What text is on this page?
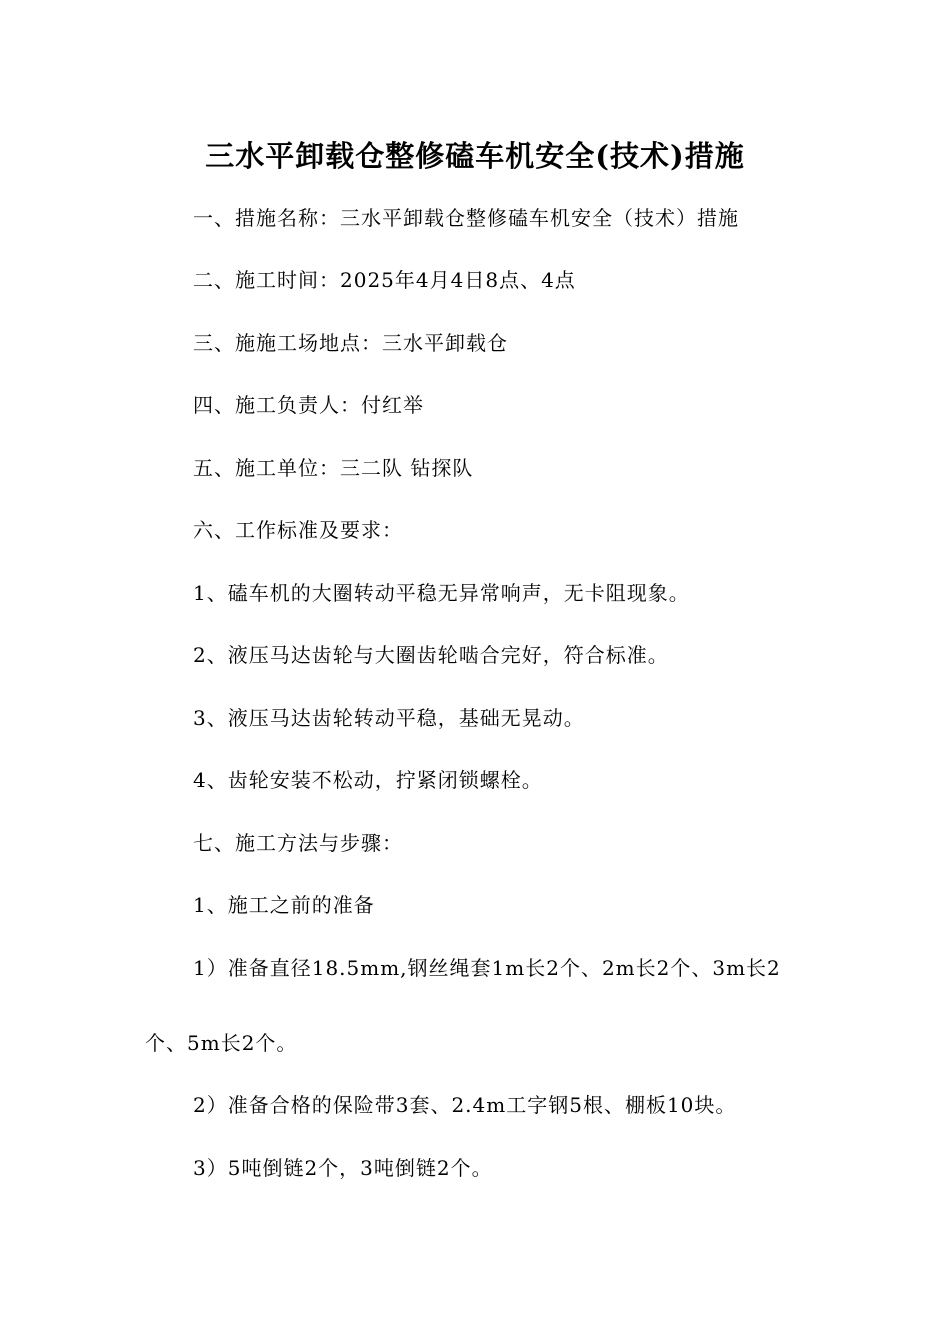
三水平卸载仓整修磕车机安全(技术)措施
一、措施名称：三水平卸载仓整修磕车机安全（技术）措施
二、施工时间：2025年4月4日8点、4点
三、施施工场地点：三水平卸载仓
四、施工负责人：付红举
五、施工单位：三二队 钻探队
六、工作标准及要求：
1、磕车机的大圈转动平稳无异常响声，无卡阻现象。
2、液压马达齿轮与大圈齿轮啮合完好，符合标准。
3、液压马达齿轮转动平稳，基础无晃动。
4、齿轮安装不松动，拧紧闭锁螺栓。
七、施工方法与步骤：
1、施工之前的准备
1）准备直径18.5mm,钢丝绳套1m长2个、2m长2个、3m长2
个、5m长2个。
2）准备合格的保险带3套、2.4m工字钢5根、棚板10块。
3）5吨倒链2个，3吨倒链2个。
